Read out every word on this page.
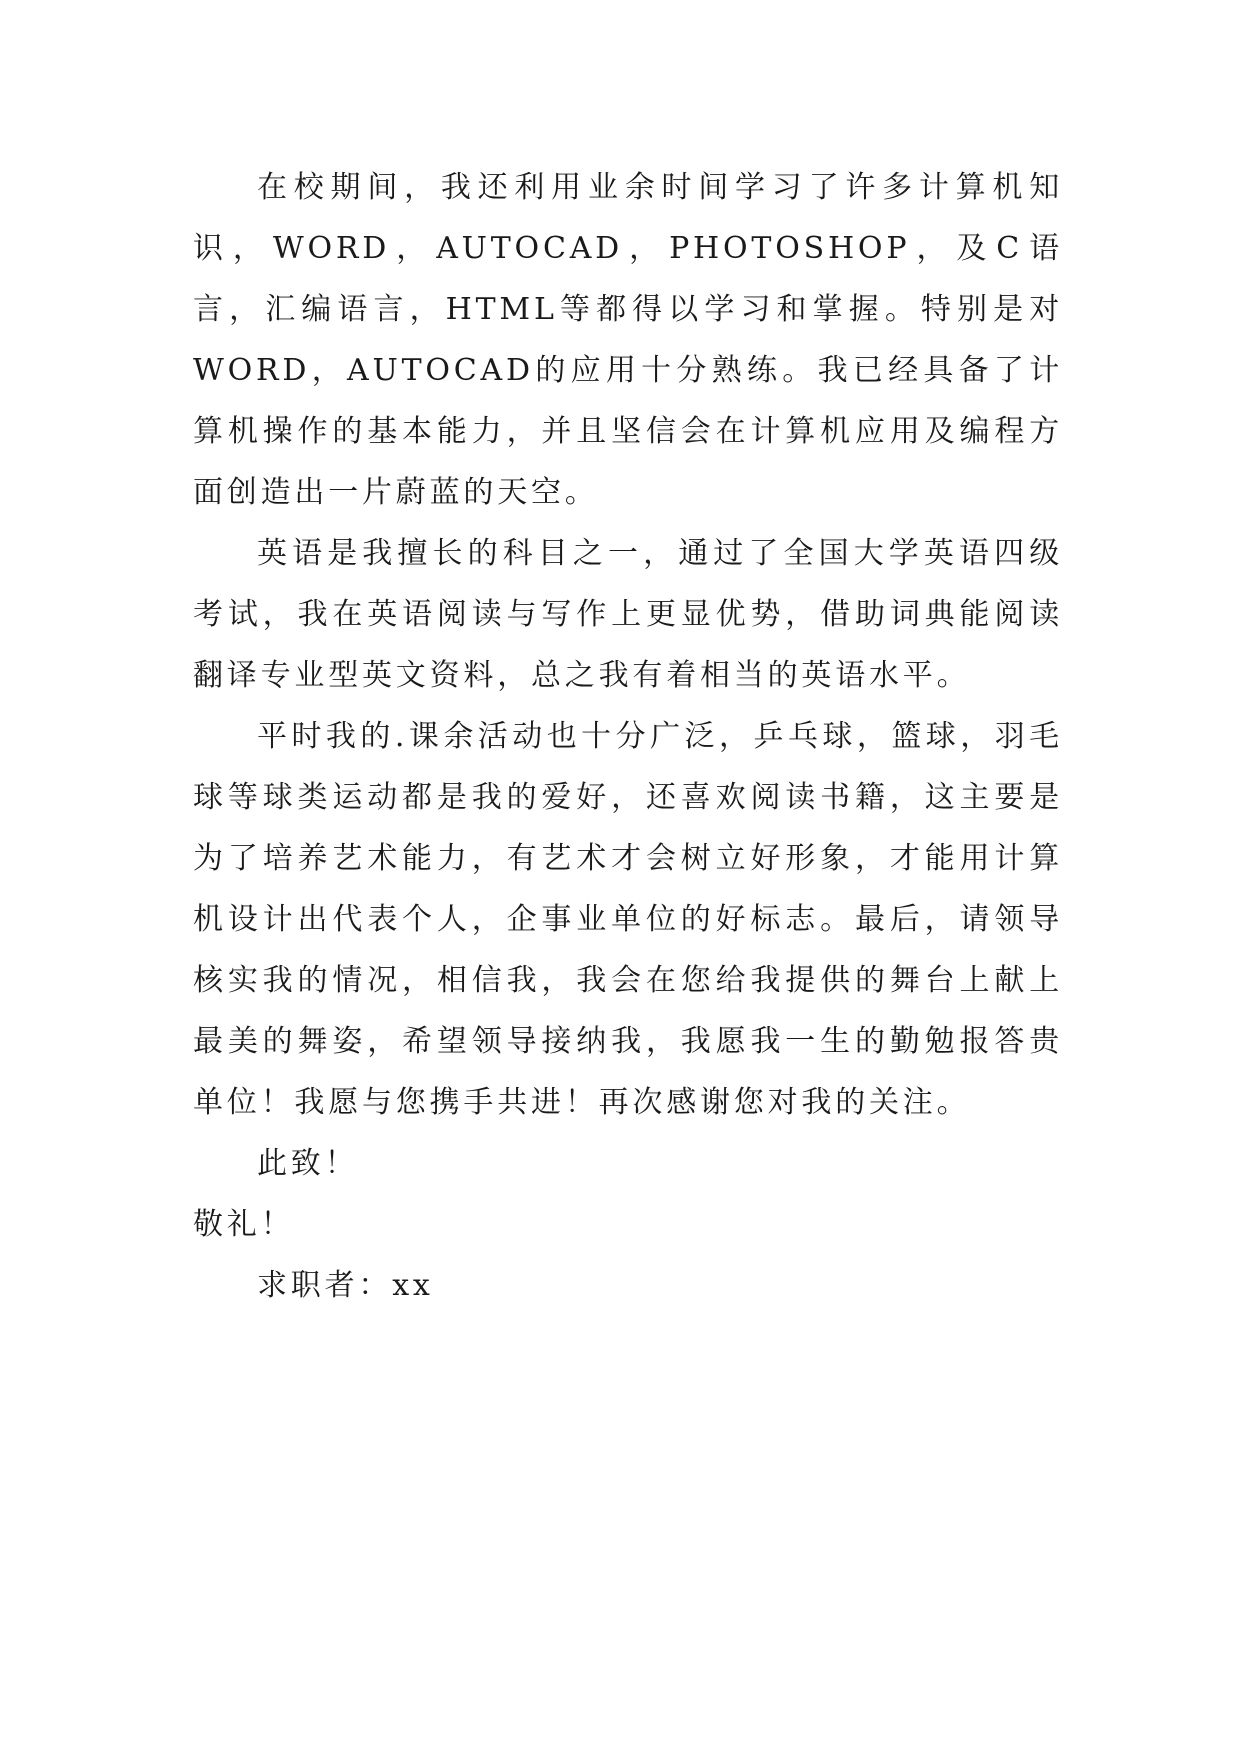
在校期间，我还利用业余时间学习了许多计算机知识，WORD，AUTOCAD，PHOTOSHOP，及C语言，汇编语言，HTML等都得以学习和掌握。特别是对WORD，AUTOCAD的应用十分熟练。我已经具备了计算机操作的基本能力，并且坚信会在计算机应用及编程方面创造出一片蔚蓝的天空。

英语是我擅长的科目之一，通过了全国大学英语四级考试，我在英语阅读与写作上更显优势，借助词典能阅读翻译专业型英文资料，总之我有着相当的英语水平。

平时我的.课余活动也十分广泛，乒乓球，篮球，羽毛球等球类运动都是我的爱好，还喜欢阅读书籍，这主要是为了培养艺术能力，有艺术才会树立好形象，才能用计算机设计出代表个人，企事业单位的好标志。最后，请领导核实我的情况，相信我，我会在您给我提供的舞台上献上最美的舞姿，希望领导接纳我，我愿我一生的勤勉报答贵单位！我愿与您携手共进！再次感谢您对我的关注。

此致！

敬礼！

求职者：xx
